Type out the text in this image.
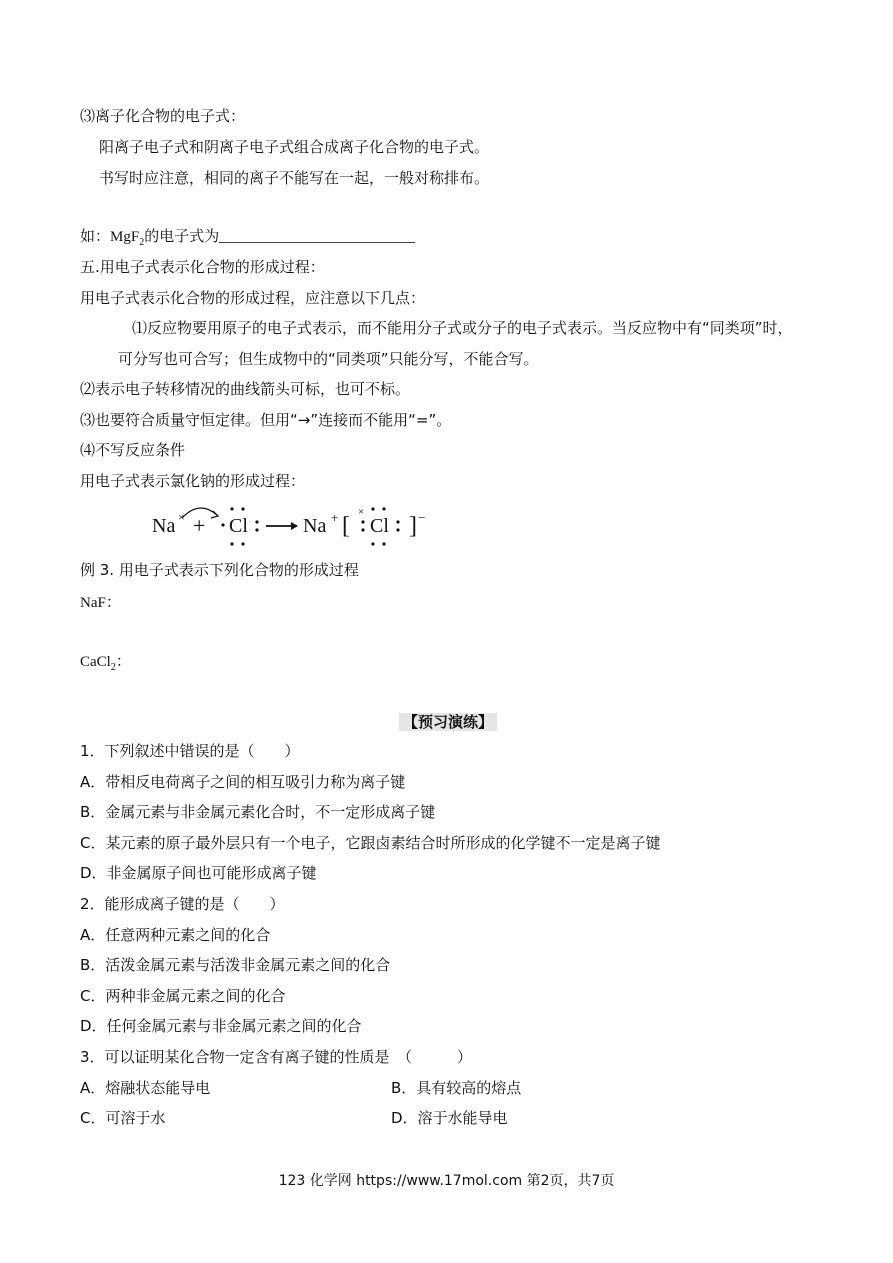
⑶离子化合物的电子式：
阳离子电子式和阴离子电子式组合成离子化合物的电子式。
书写时应注意，相同的离子不能写在一起，一般对称排布。
如：MgF$_2$的电子式为
五.用电子式表示化合物的形成过程：
用电子式表示化合物的形成过程，应注意以下几点：
⑴反应物要用原子的电子式表示，而不能用分子式或分子的电子式表示。当反应物中有“同类项”时，
可分写也可合写；但生成物中的“同类项”只能分写，不能合写。
⑵表示电子转移情况的曲线箭头可标，也可不标。
⑶也要符合质量守恒定律。但用“→”连接而不能用“=”。
⑷不写反应条件
用电子式表示氯化钠的形成过程：
Na × + Cl	Na + [
×
Cl ] −
例 3. 用电子式表示下列化合物的形成过程
NaF：
CaCl$_2$：
【预习演练】
1．下列叙述中错误的是（　　）
A．带相反电荷离子之间的相互吸引力称为离子键
B．金属元素与非金属元素化合时，不一定形成离子键
C．某元素的原子最外层只有一个电子，它跟卤素结合时所形成的化学键不一定是离子键
D．非金属原子间也可能形成离子键
2．能形成离子键的是（　　）
A．任意两种元素之间的化合
B．活泼金属元素与活泼非金属元素之间的化合
C．两种非金属元素之间的化合
D．任何金属元素与非金属元素之间的化合
3．可以证明某化合物一定含有离子键的性质是　（　　　）
A．熔融状态能导电	B．具有较高的熔点
C．可溶于水	D．溶于水能导电
123 化学网 https://www.17mol.com 第2页，共7页
